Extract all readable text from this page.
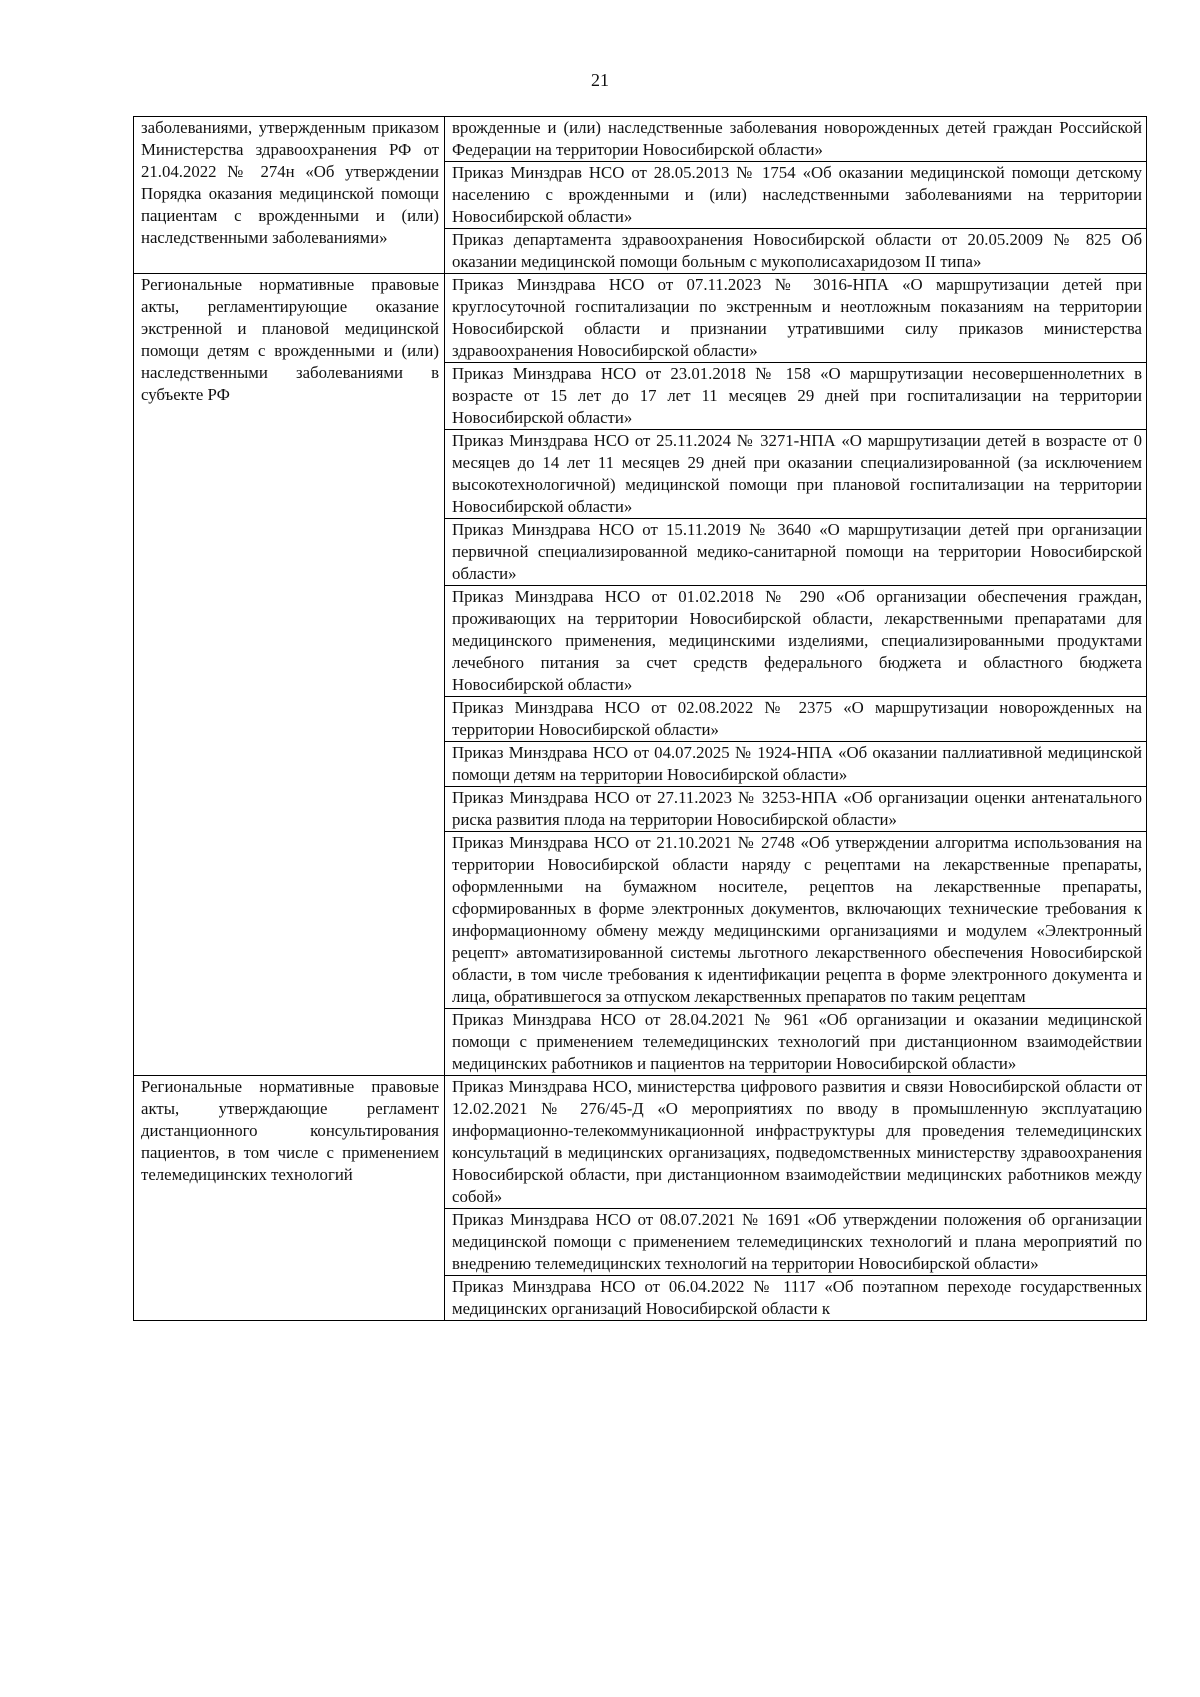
21
заболеваниями, утвержденным приказом Министерства здравоохранения РФ от 21.04.2022 № 274н «Об утверждении Порядка оказания медицинской помощи пациентам с врожденными и (или) наследственными заболеваниями»	врожденные и (или) наследственные заболевания новорожденных детей граждан Российской Федерации на территории Новосибирской области»
	Приказ Минздрав НСО от 28.05.2013 № 1754 «Об оказании медицинской помощи детскому населению с врожденными и (или) наследственными заболеваниями на территории Новосибирской области»
	Приказ департамента здравоохранения Новосибирской области от 20.05.2009 № 825 Об оказании медицинской помощи больным с мукополисахаридозом II типа»

Региональные нормативные правовые акты, регламентирующие оказание экстренной и плановой медицинской помощи детям с врожденными и (или) наследственными заболеваниями в субъекте РФ	Приказ Минздрава НСО от 07.11.2023 № 3016-НПА «О маршрутизации детей при круглосуточной госпитализации по экстренным и неотложным показаниям на территории Новосибирской области и признании утратившими силу приказов министерства здравоохранения Новосибирской области»
	Приказ Минздрава НСО от 23.01.2018 № 158 «О маршрутизации несовершеннолетних в возрасте от 15 лет до 17 лет 11 месяцев 29 дней при госпитализации на территории Новосибирской области»
	Приказ Минздрава НСО от 25.11.2024 № 3271-НПА «О маршрутизации детей в возрасте от 0 месяцев до 14 лет 11 месяцев 29 дней при оказании специализированной (за исключением высокотехнологичной) медицинской помощи при плановой госпитализации на территории Новосибирской области»
	Приказ Минздрава НСО от 15.11.2019 № 3640 «О маршрутизации детей при организации первичной специализированной медико-санитарной помощи на территории Новосибирской области»
	Приказ Минздрава НСО от 01.02.2018 № 290 «Об организации обеспечения граждан, проживающих на территории Новосибирской области, лекарственными препаратами для медицинского применения, медицинскими изделиями, специализированными продуктами лечебного питания за счет средств федерального бюджета и областного бюджета Новосибирской области»
	Приказ Минздрава НСО от 02.08.2022 № 2375 «О маршрутизации новорожденных на территории Новосибирской области»
	Приказ Минздрава НСО от 04.07.2025 № 1924-НПА «Об оказании паллиативной медицинской помощи детям на территории Новосибирской области»
	Приказ Минздрава НСО от 27.11.2023 № 3253-НПА «Об организации оценки антенатального риска развития плода на территории Новосибирской области»
	Приказ Минздрава НСО от 21.10.2021 № 2748 «Об утверждении алгоритма использования на территории Новосибирской области наряду с рецептами на лекарственные препараты, оформленными на бумажном носителе, рецептов на лекарственные препараты, сформированных в форме электронных документов, включающих технические требования к информационному обмену между медицинскими организациями и модулем «Электронный рецепт» автоматизированной системы льготного лекарственного обеспечения Новосибирской области, в том числе требования к идентификации рецепта в форме электронного документа и лица, обратившегося за отпуском лекарственных препаратов по таким рецептам
	Приказ Минздрава НСО от 28.04.2021 № 961 «Об организации и оказании медицинской помощи с применением телемедицинских технологий при дистанционном взаимодействии медицинских работников и пациентов на территории Новосибирской области»

Региональные нормативные правовые акты, утверждающие регламент дистанционного консультирования пациентов, в том числе с применением телемедицинских технологий	Приказ Минздрава НСО, министерства цифрового развития и связи Новосибирской области от 12.02.2021 № 276/45-Д «О мероприятиях по вводу в промышленную эксплуатацию информационно-телекоммуникационной инфраструктуры для проведения телемедицинских консультаций в медицинских организациях, подведомственных министерству здравоохранения Новосибирской области, при дистанционном взаимодействии медицинских работников между собой»
	Приказ Минздрава НСО от 08.07.2021 № 1691 «Об утверждении положения об организации медицинской помощи с применением телемедицинских технологий и плана мероприятий по внедрению телемедицинских технологий на территории Новосибирской области»

	Приказ Минздрава НСО от 06.04.2022 № 1117 «Об поэтапном переходе государственных медицинских организаций Новосибирской области к
